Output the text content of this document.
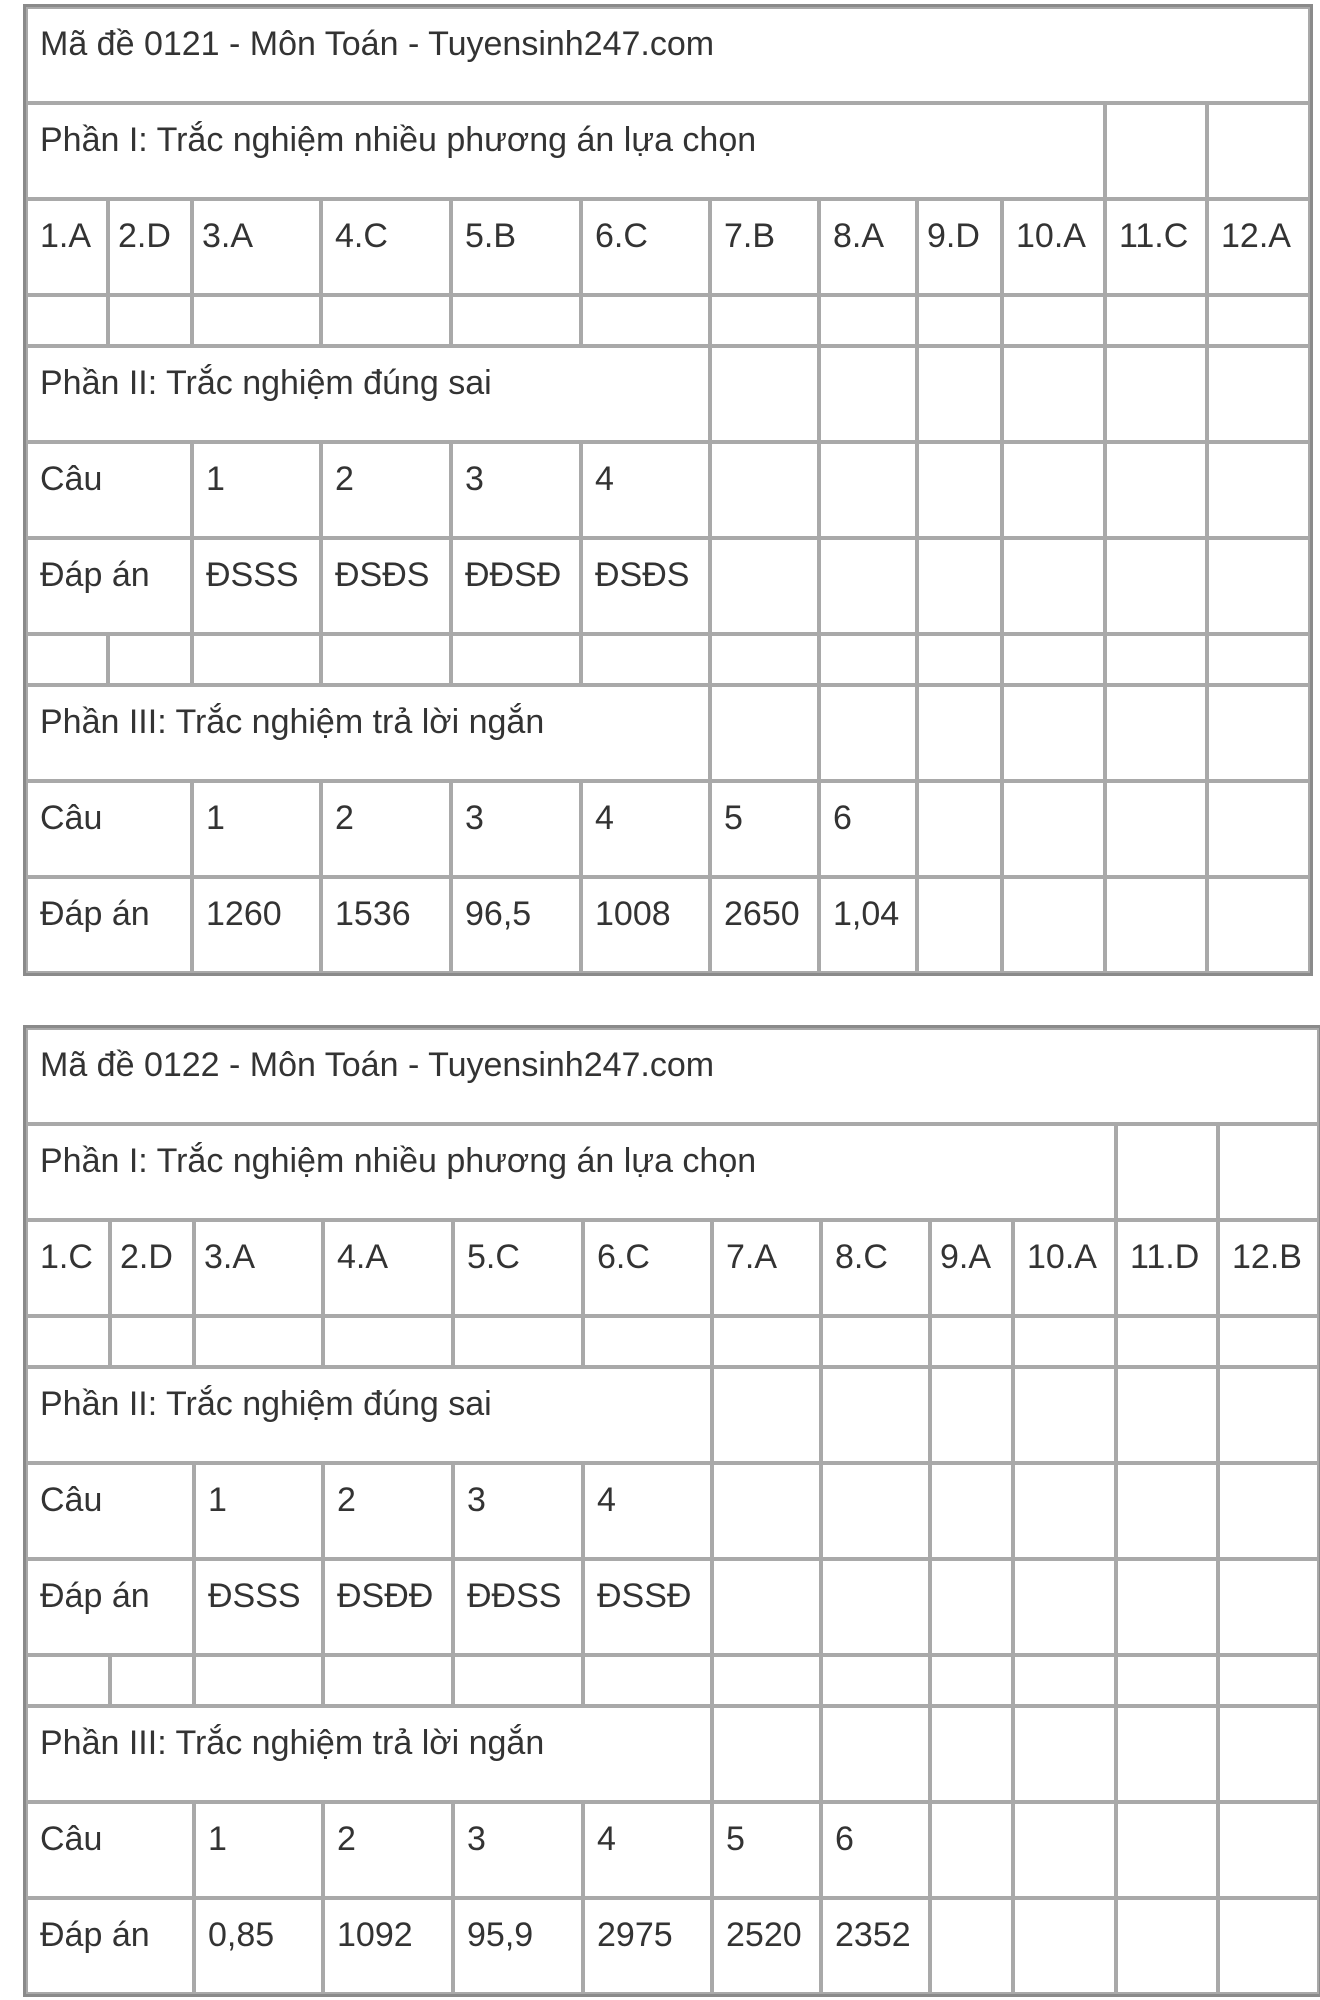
Mã đề 0121 - Môn Toán - Tuyensinh247.com											
Phần I: Trắc nghiệm nhiều phương án lựa chọn											
1.A	2.D	3.A	4.C	5.B	6.C	7.B	8.A	9.D	10.A	11.C	12.A

Phần II: Trắc nghiệm đúng sai											
Câu		1	2	3	4						
Đáp án		ĐSSS	ĐSĐS	ĐĐSĐ	ĐSĐS						

Phần III: Trắc nghiệm trả lời ngắn											
Câu		1	2	3	4	5	6				
Đáp án		1260	1536	96,5	1008	2650	1,04				
Mã đề 0122 - Môn Toán - Tuyensinh247.com											
Phần I: Trắc nghiệm nhiều phương án lựa chọn											
1.C	2.D	3.A	4.A	5.C	6.C	7.A	8.C	9.A	10.A	11.D	12.B

Phần II: Trắc nghiệm đúng sai											
Câu		1	2	3	4						
Đáp án		ĐSSS	ĐSĐĐ	ĐĐSS	ĐSSĐ						

Phần III: Trắc nghiệm trả lời ngắn											
Câu		1	2	3	4	5	6				
Đáp án		0,85	1092	95,9	2975	2520	2352				
